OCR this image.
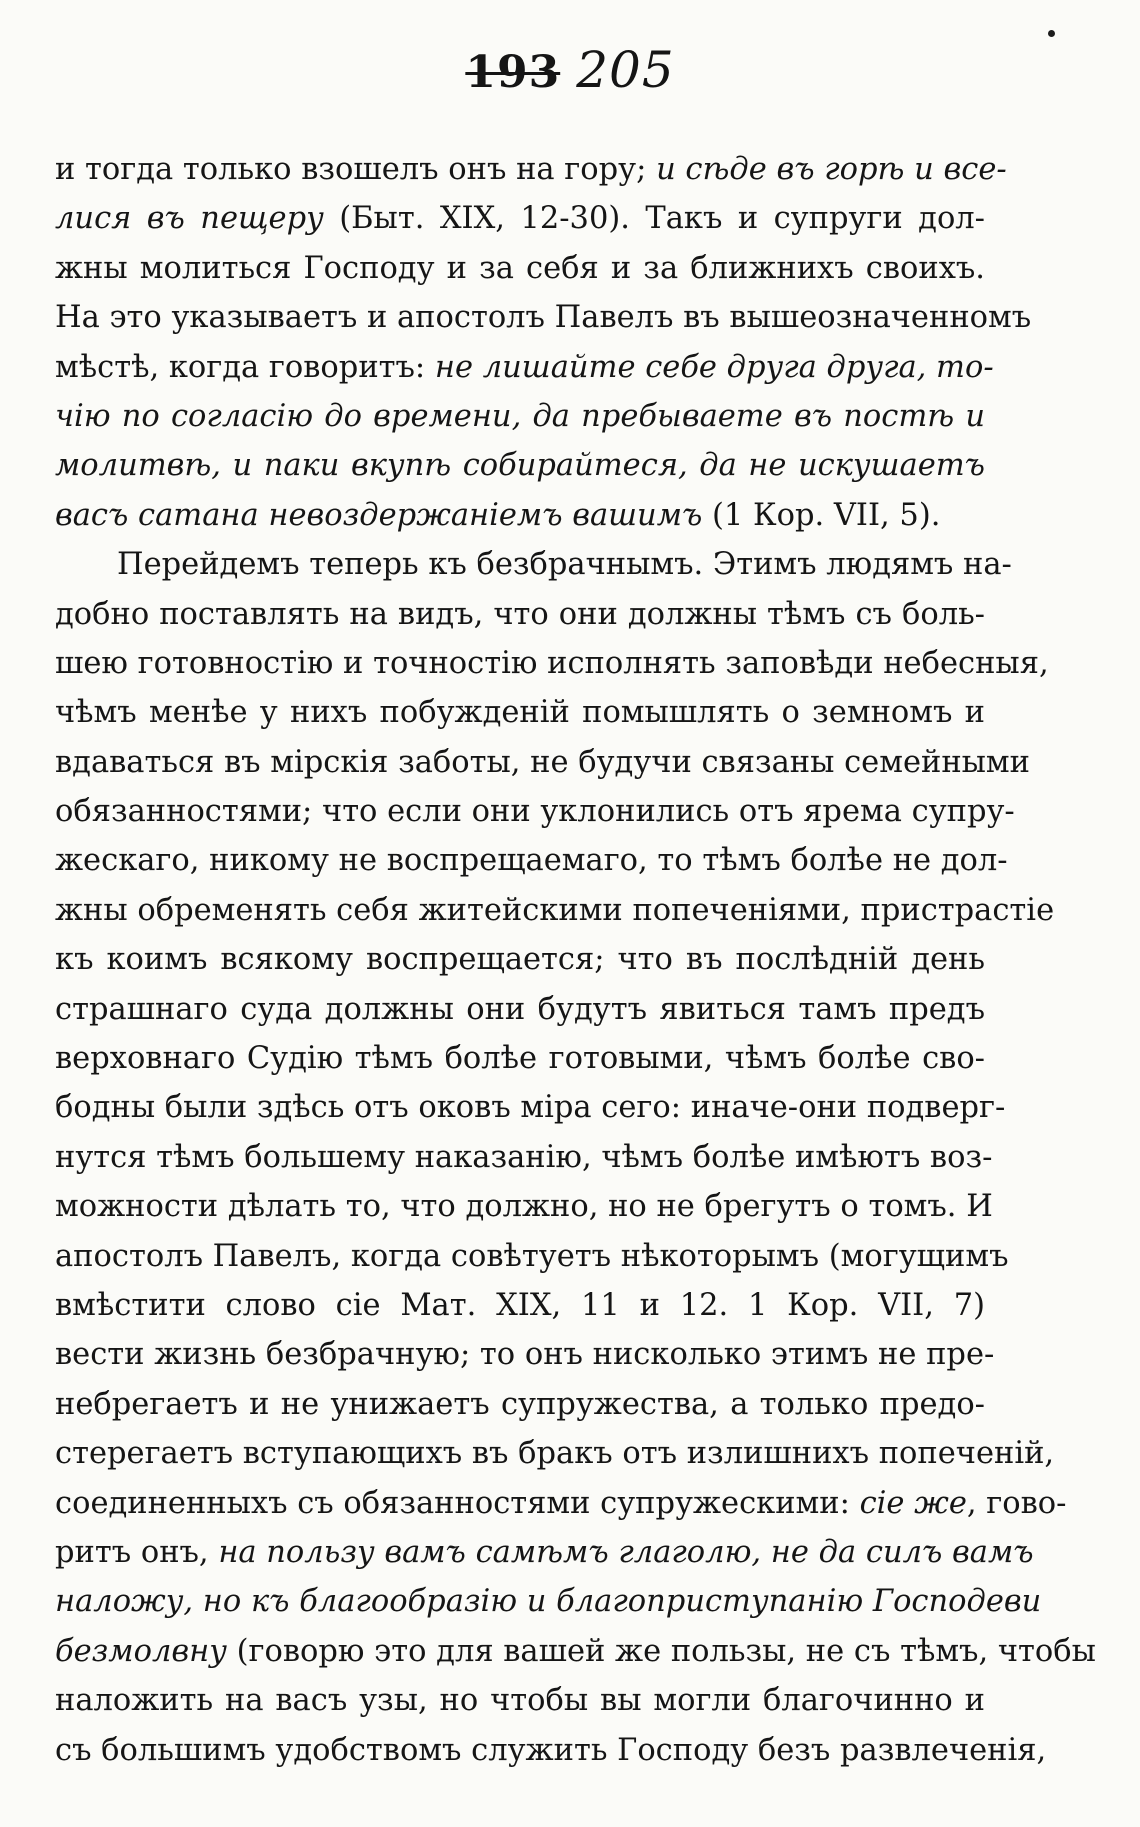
193 205
и тогда только взошелъ онъ на гору; и сѣде въ горѣ и все-
лися въ пещеру (Быт. XIX, 12-30). Такъ и супруги дол-
жны молиться Господу и за себя и за ближнихъ своихъ.
На это указываетъ и апостолъ Павелъ въ вышеозначенномъ
мѣстѣ, когда говоритъ: не лишайте себе друга друга, то-
чію по согласію до времени, да пребываете въ постѣ и
молитвѣ, и паки вкупѣ собирайтеся, да не искушаетъ
васъ сатана невоздержаніемъ вашимъ (1 Кор. VII, 5).
Перейдемъ теперь къ безбрачнымъ. Этимъ людямъ на-
добно поставлять на видъ, что они должны тѣмъ съ боль-
шею готовностію и точностію исполнять заповѣди небесныя,
чѣмъ менѣе у нихъ побужденій помышлять о земномъ и
вдаваться въ мірскія заботы, не будучи связаны семейными
обязанностями; что если они уклонились отъ ярема супру-
жескаго, никому не воспрещаемаго, то тѣмъ болѣе не дол-
жны обременять себя житейскими попеченіями, пристрастіе
къ коимъ всякому воспрещается; что въ послѣдній день
страшнаго суда должны они будутъ явиться тамъ предъ
верховнаго Судію тѣмъ болѣе готовыми, чѣмъ болѣе сво-
бодны были здѣсь отъ оковъ міра сего: иначе-они подверг-
нутся тѣмъ большему наказанію, чѣмъ болѣе имѣютъ воз-
можности дѣлать то, что должно, но не брегутъ о томъ. И
апостолъ Павелъ, когда совѣтуетъ нѣкоторымъ (могущимъ
вмѣстити слово сіе Мат. XIX, 11 и 12. 1 Кор. VII, 7)
вести жизнь безбрачную; то онъ нисколько этимъ не пре-
небрегаетъ и не унижаетъ супружества, а только предо-
стерегаетъ вступающихъ въ бракъ отъ излишнихъ попеченій,
соединенныхъ съ обязанностями супружескими: сіе же, гово-
ритъ онъ, на пользу вамъ самѣмъ глаголю, не да силъ вамъ
наложу, но къ благообразію и благоприступанію Господеви
безмолвну (говорю это для вашей же пользы, не съ тѣмъ, чтобы
наложить на васъ узы, но чтобы вы могли благочинно и
съ большимъ удобствомъ служить Господу безъ развлеченія,
